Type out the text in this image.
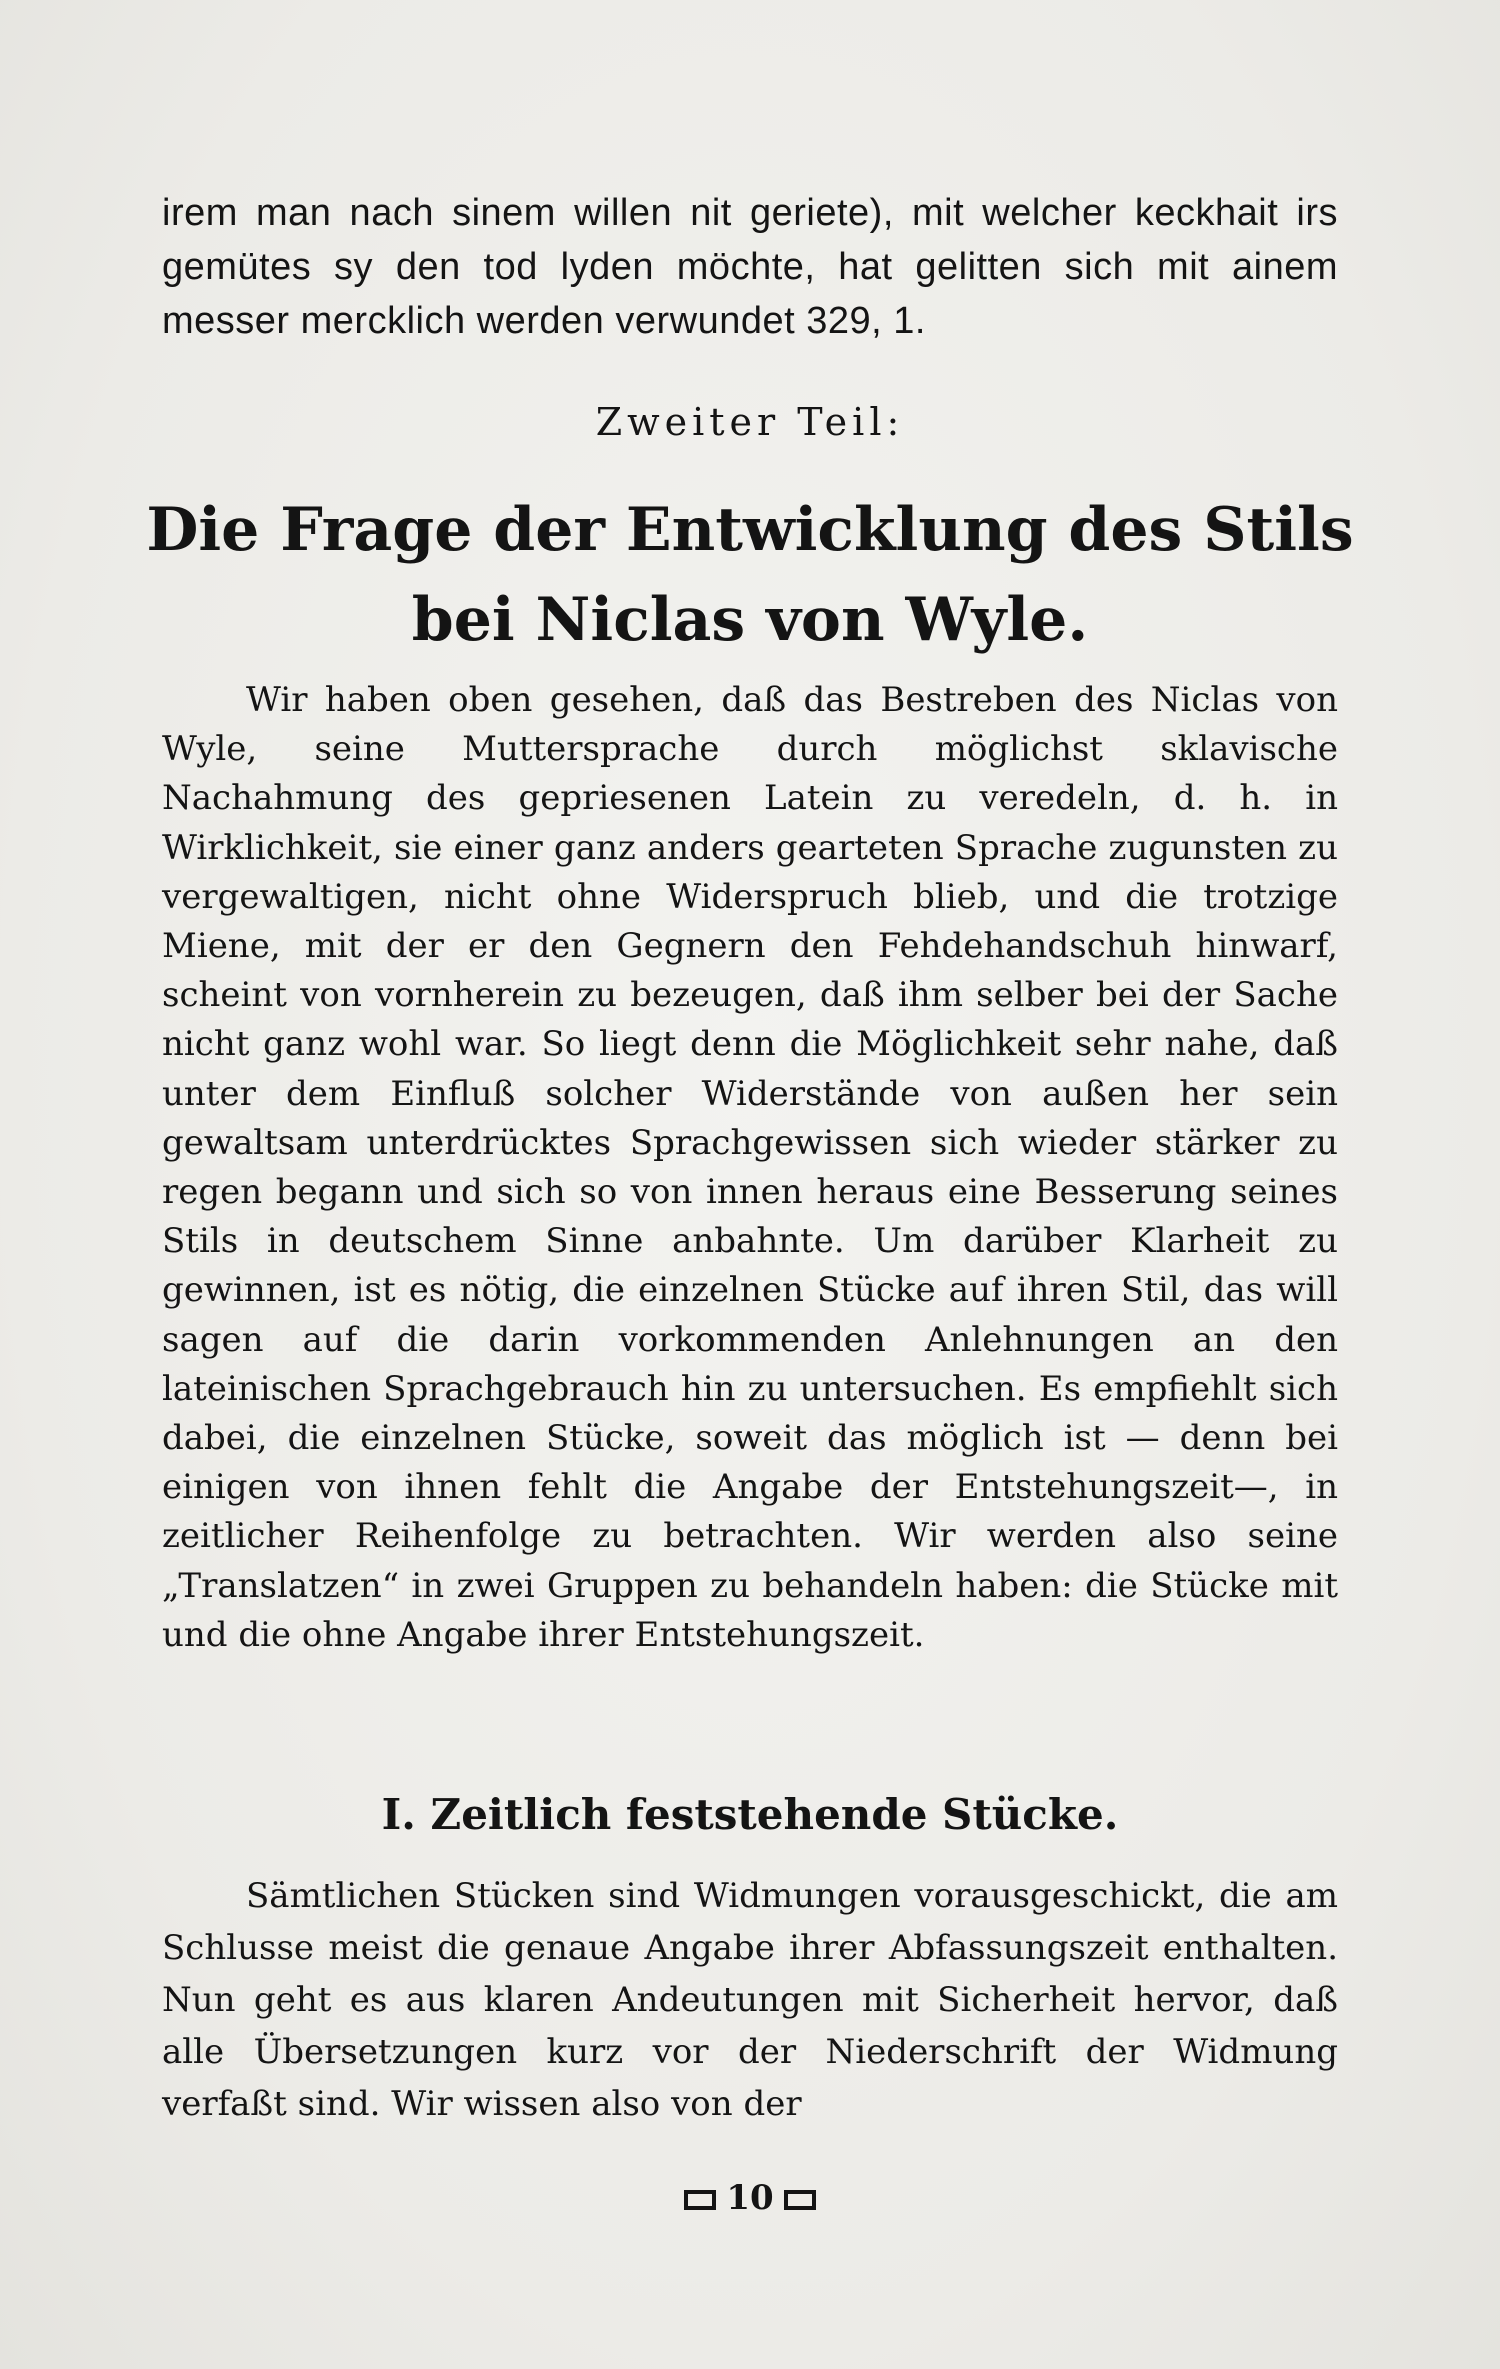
irem man nach sinem willen nit geriete), mit welcher keckhait irs gemütes sy den tod lyden möchte, hat gelitten sich mit ainem messer mercklich werden verwundet 329, 1.

Zweiter Teil:
Die Frage der Entwicklung des Stils
bei Niclas von Wyle.

Wir haben oben gesehen, daß das Bestreben des Niclas von Wyle, seine Muttersprache durch möglichst sklavische Nachahmung des gepriesenen Latein zu veredeln, d. h. in Wirklichkeit, sie einer ganz anders gearteten Sprache zugunsten zu vergewaltigen, nicht ohne Widerspruch blieb, und die trotzige Miene, mit der er den Gegnern den Fehdehandschuh hinwarf, scheint von vornherein zu bezeugen, daß ihm selber bei der Sache nicht ganz wohl war. So liegt denn die Möglichkeit sehr nahe, daß unter dem Einfluß solcher Widerstände von außen her sein gewaltsam unterdrücktes Sprachgewissen sich wieder stärker zu regen begann und sich so von innen heraus eine Besserung seines Stils in deutschem Sinne anbahnte. Um darüber Klarheit zu gewinnen, ist es nötig, die einzelnen Stücke auf ihren Stil, das will sagen auf die darin vorkommenden Anlehnungen an den lateinischen Sprachgebrauch hin zu untersuchen. Es empfiehlt sich dabei, die einzelnen Stücke, soweit das möglich ist — denn bei einigen von ihnen fehlt die Angabe der Entstehungszeit—, in zeitlicher Reihenfolge zu betrachten. Wir werden also seine „Translatzen“ in zwei Gruppen zu behandeln haben: die Stücke mit und die ohne Angabe ihrer Entstehungszeit.

I. Zeitlich feststehende Stücke.

Sämtlichen Stücken sind Widmungen vorausgeschickt, die am Schlusse meist die genaue Angabe ihrer Abfassungszeit enthalten. Nun geht es aus klaren Andeutungen mit Sicherheit hervor, daß alle Übersetzungen kurz vor der Niederschrift der Widmung verfaßt sind. Wir wissen also von der

10
